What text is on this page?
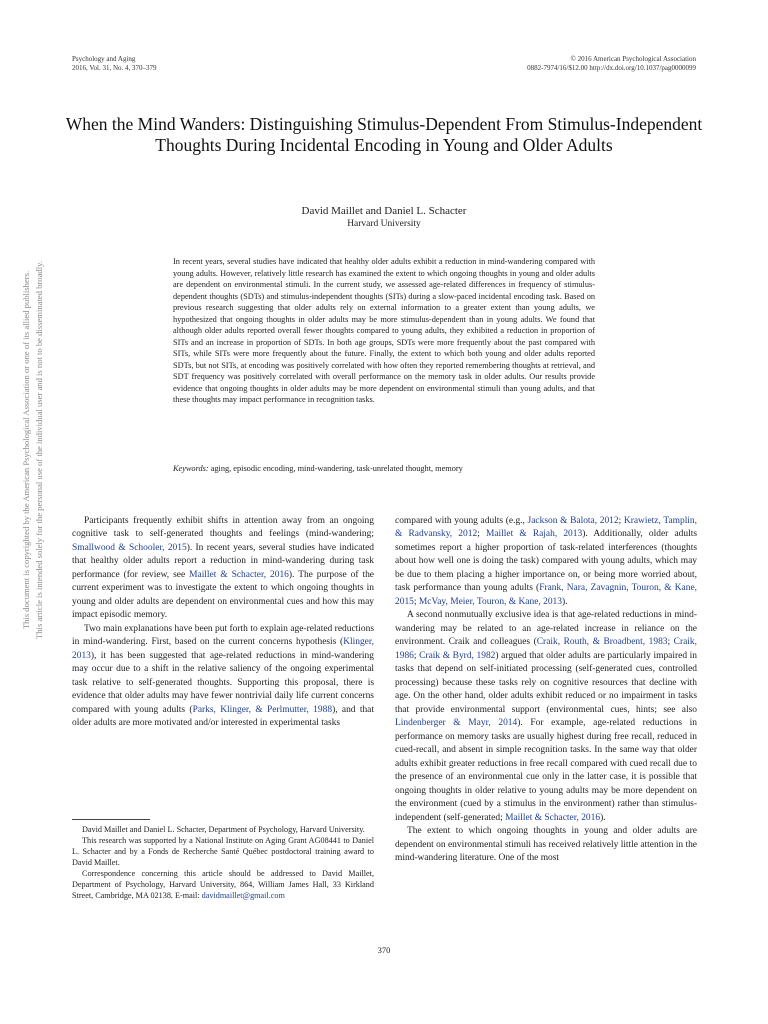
Psychology and Aging
2016, Vol. 31, No. 4, 370–379
© 2016 American Psychological Association
0882-7974/16/$12.00 http://dx.doi.org/10.1037/pag0000099
This document is copyrighted by the American Psychological Association or one of its allied publishers. This article is intended solely for the personal use of the individual user and is not to be disseminated broadly.
When the Mind Wanders: Distinguishing Stimulus-Dependent From Stimulus-Independent Thoughts During Incidental Encoding in Young and Older Adults
David Maillet and Daniel L. Schacter
Harvard University
In recent years, several studies have indicated that healthy older adults exhibit a reduction in mind-wandering compared with young adults. However, relatively little research has examined the extent to which ongoing thoughts in young and older adults are dependent on environmental stimuli. In the current study, we assessed age-related differences in frequency of stimulus-dependent thoughts (SDTs) and stimulus-independent thoughts (SITs) during a slow-paced incidental encoding task. Based on previous research suggesting that older adults rely on external information to a greater extent than young adults, we hypothesized that ongoing thoughts in older adults may be more stimulus-dependent than in young adults. We found that although older adults reported overall fewer thoughts compared to young adults, they exhibited a reduction in proportion of SITs and an increase in proportion of SDTs. In both age groups, SDTs were more frequently about the past compared with SITs, while SITs were more frequently about the future. Finally, the extent to which both young and older adults reported SDTs, but not SITs, at encoding was positively correlated with how often they reported remembering thoughts at retrieval, and SDT frequency was positively correlated with overall performance on the memory task in older adults. Our results provide evidence that ongoing thoughts in older adults may be more dependent on environmental stimuli than young adults, and that these thoughts may impact performance in recognition tasks.
Keywords: aging, episodic encoding, mind-wandering, task-unrelated thought, memory

Participants frequently exhibit shifts in attention away from an ongoing cognitive task to self-generated thoughts and feelings (mind-wandering; Smallwood & Schooler, 2015). In recent years, several studies have indicated that healthy older adults report a reduction in mind-wandering during task performance (for review, see Maillet & Schacter, 2016). The purpose of the current experiment was to investigate the extent to which ongoing thoughts in young and older adults are dependent on environmental cues and how this may impact episodic memory.

Two main explanations have been put forth to explain age-related reductions in mind-wandering. First, based on the current concerns hypothesis (Klinger, 2013), it has been suggested that age-related reductions in mind-wandering may occur due to a shift in the relative saliency of the ongoing experimental task relative to self-generated thoughts. Supporting this proposal, there is evidence that older adults may have fewer nontrivial daily life current concerns compared with young adults (Parks, Klinger, & Perlmutter, 1988), and that older adults are more motivated and/or interested in experimental tasks

compared with young adults (e.g., Jackson & Balota, 2012; Krawietz, Tamplin, & Radvansky, 2012; Maillet & Rajah, 2013). Additionally, older adults sometimes report a higher proportion of task-related interferences (thoughts about how well one is doing the task) compared with young adults, which may be due to them placing a higher importance on, or being more worried about, task performance than young adults (Frank, Nara, Zavagnin, Touron, & Kane, 2015; McVay, Meier, Touron, & Kane, 2013).

A second nonmutually exclusive idea is that age-related reductions in mind-wandering may be related to an age-related increase in reliance on the environment. Craik and colleagues (Craik, Routh, & Broadbent, 1983; Craik, 1986; Craik & Byrd, 1982) argued that older adults are particularly impaired in tasks that depend on self-initiated processing (self-generated cues, controlled processing) because these tasks rely on cognitive resources that decline with age. On the other hand, older adults exhibit reduced or no impairment in tasks that provide environmental support (environmental cues, hints; see also Lindenberger & Mayr, 2014). For example, age-related reductions in performance on memory tasks are usually highest during free recall, reduced in cued-recall, and absent in simple recognition tasks. In the same way that older adults exhibit greater reductions in free recall compared with cued recall due to the presence of an environmental cue only in the latter case, it is possible that ongoing thoughts in older relative to young adults may be more dependent on the environment (cued by a stimulus in the environment) rather than stimulus-independent (self-generated; Maillet & Schacter, 2016).

The extent to which ongoing thoughts in young and older adults are dependent on environmental stimuli has received relatively little attention in the mind-wandering literature. One of the most

David Maillet and Daniel L. Schacter, Department of Psychology, Harvard University.

This research was supported by a National Institute on Aging Grant AG08441 to Daniel L. Schacter and by a Fonds de Recherche Santé Québec postdoctoral training award to David Maillet.

Correspondence concerning this article should be addressed to David Maillet, Department of Psychology, Harvard University, 864, William James Hall, 33 Kirkland Street, Cambridge, MA 02138. E-mail: davidmaillet@gmail.com

370
